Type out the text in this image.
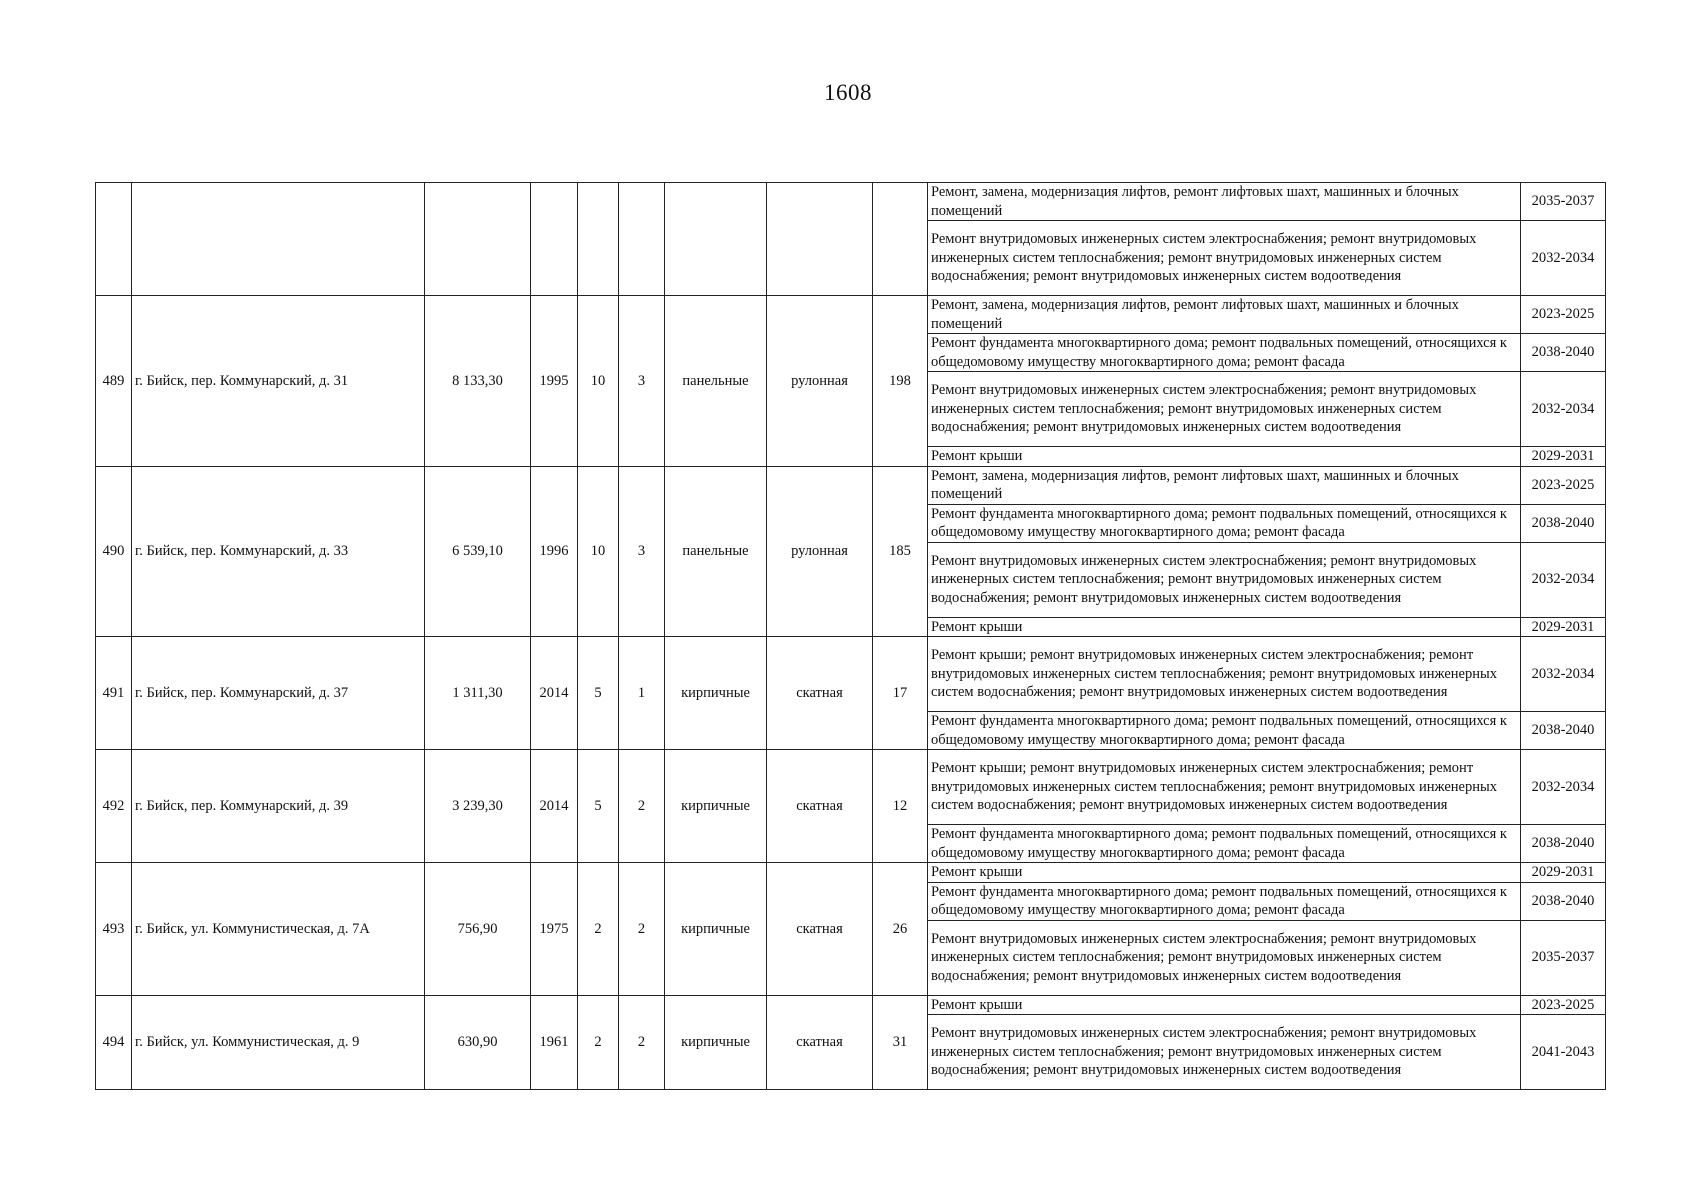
1608
									Ремонт, замена, модернизация лифтов, ремонт лифтовых шахт, машинных и блочных помещений	2035-2037
									Ремонт внутридомовых инженерных систем электроснабжения; ремонт внутридомовых инженерных систем теплоснабжения; ремонт внутридомовых инженерных систем водоснабжения; ремонт внутридомовых инженерных систем водоотведения	2032-2034
489	г. Бийск, пер. Коммунарский, д. 31	8 133,30	1995	10	3	панельные	рулонная	198	Ремонт, замена, модернизация лифтов, ремонт лифтовых шахт, машинных и блочных помещений	2023-2025
									Ремонт фундамента многоквартирного дома; ремонт подвальных помещений, относящихся к общедомовому имуществу многоквартирного дома; ремонт фасада	2038-2040
									Ремонт внутридомовых инженерных систем электроснабжения; ремонт внутридомовых инженерных систем теплоснабжения; ремонт внутридомовых инженерных систем водоснабжения; ремонт внутридомовых инженерных систем водоотведения	2032-2034
									Ремонт крыши	2029-2031
490	г. Бийск, пер. Коммунарский, д. 33	6 539,10	1996	10	3	панельные	рулонная	185	Ремонт, замена, модернизация лифтов, ремонт лифтовых шахт, машинных и блочных помещений	2023-2025
									Ремонт фундамента многоквартирного дома; ремонт подвальных помещений, относящихся к общедомовому имуществу многоквартирного дома; ремонт фасада	2038-2040
									Ремонт внутридомовых инженерных систем электроснабжения; ремонт внутридомовых инженерных систем теплоснабжения; ремонт внутридомовых инженерных систем водоснабжения; ремонт внутридомовых инженерных систем водоотведения	2032-2034
									Ремонт крыши	2029-2031
491	г. Бийск, пер. Коммунарский, д. 37	1 311,30	2014	5	1	кирпичные	скатная	17	Ремонт крыши; ремонт внутридомовых инженерных систем электроснабжения; ремонт внутридомовых инженерных систем теплоснабжения; ремонт внутридомовых инженерных систем водоснабжения; ремонт внутридомовых инженерных систем водоотведения	2032-2034
									Ремонт фундамента многоквартирного дома; ремонт подвальных помещений, относящихся к общедомовому имуществу многоквартирного дома; ремонт фасада	2038-2040
492	г. Бийск, пер. Коммунарский, д. 39	3 239,30	2014	5	2	кирпичные	скатная	12	Ремонт крыши; ремонт внутридомовых инженерных систем электроснабжения; ремонт внутридомовых инженерных систем теплоснабжения; ремонт внутридомовых инженерных систем водоснабжения; ремонт внутридомовых инженерных систем водоотведения	2032-2034
									Ремонт фундамента многоквартирного дома; ремонт подвальных помещений, относящихся к общедомовому имуществу многоквартирного дома; ремонт фасада	2038-2040
493	г. Бийск, ул. Коммунистическая, д. 7А	756,90	1975	2	2	кирпичные	скатная	26	Ремонт крыши	2029-2031
									Ремонт фундамента многоквартирного дома; ремонт подвальных помещений, относящихся к общедомовому имуществу многоквартирного дома; ремонт фасада	2038-2040
									Ремонт внутридомовых инженерных систем электроснабжения; ремонт внутридомовых инженерных систем теплоснабжения; ремонт внутридомовых инженерных систем водоснабжения; ремонт внутридомовых инженерных систем водоотведения	2035-2037
494	г. Бийск, ул. Коммунистическая, д. 9	630,90	1961	2	2	кирпичные	скатная	31	Ремонт крыши	2023-2025
									Ремонт внутридомовых инженерных систем электроснабжения; ремонт внутридомовых инженерных систем теплоснабжения; ремонт внутридомовых инженерных систем водоснабжения; ремонт внутридомовых инженерных систем водоотведения	2041-2043
